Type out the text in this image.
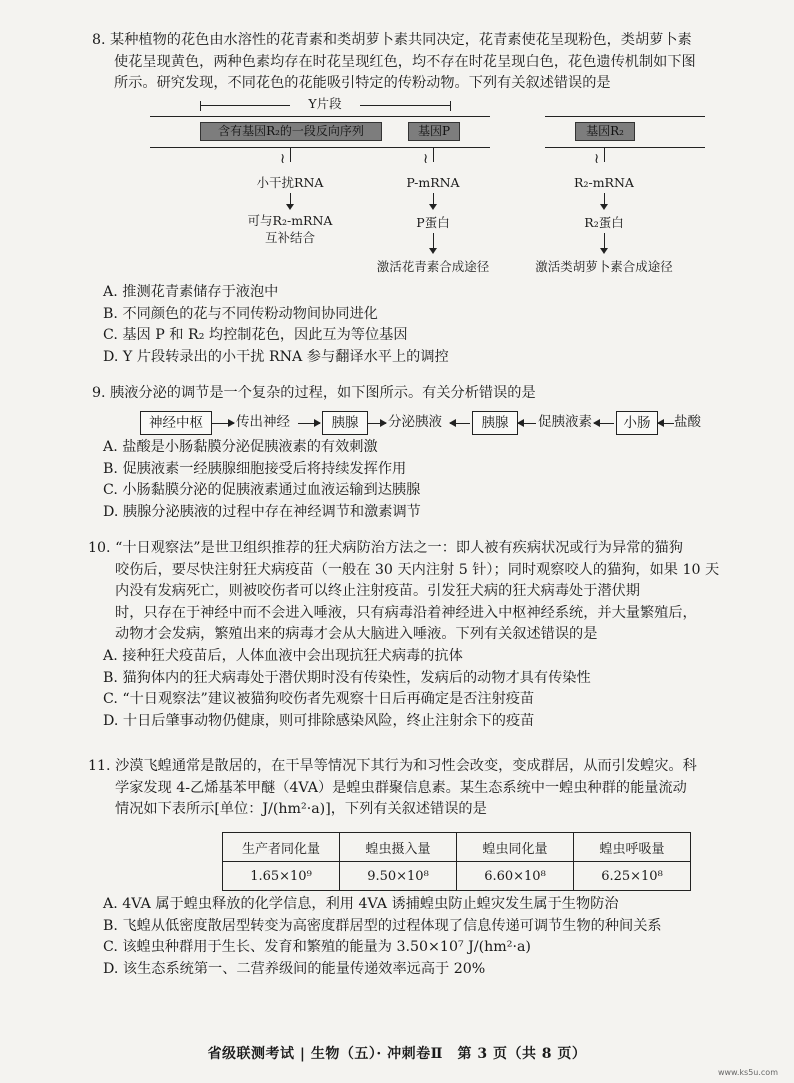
8. 某种植物的花色由水溶性的花青素和类胡萝卜素共同决定，花青素使花呈现粉色，类胡萝卜素

使花呈现黄色，两种色素均存在时花呈现红色，均不存在时花呈现白色，花色遗传机制如下图

所示。研究发现，不同花色的花能吸引特定的传粉动物。下列有关叙述错误的是

Y片段
含有基因R₂的一段反向序列	基因P	基因R₂
≀
小干扰RNA
可与R₂-mRNA
互补结合
≀
P-mRNA
P蛋白
激活花青素合成途径
≀
R₂-mRNA
R₂蛋白
激活类胡萝卜素合成途径

A. 推测花青素储存于液泡中

B. 不同颜色的花与不同传粉动物间协同进化

C. 基因 P 和 R₂ 均控制花色，因此互为等位基因

D. Y 片段转录出的小干扰 RNA 参与翻译水平上的调控

9. 胰液分泌的调节是一个复杂的过程，如下图所示。有关分析错误的是

神经中枢	传出神经	胰腺	分泌胰液	胰腺	促胰液素	小肠	盐酸

A. 盐酸是小肠黏膜分泌促胰液素的有效刺激

B. 促胰液素一经胰腺细胞接受后将持续发挥作用

C. 小肠黏膜分泌的促胰液素通过血液运输到达胰腺

D. 胰腺分泌胰液的过程中存在神经调节和激素调节

10. “十日观察法”是世卫组织推荐的狂犬病防治方法之一：即人被有疾病状况或行为异常的猫狗

咬伤后，要尽快注射狂犬病疫苗（一般在 30 天内注射 5 针）；同时观察咬人的猫狗，如果 10 天

内没有发病死亡，则被咬伤者可以终止注射疫苗。引发狂犬病的狂犬病毒处于潜伏期

时，只存在于神经中而不会进入唾液，只有病毒沿着神经进入中枢神经系统，并大量繁殖后，

动物才会发病，繁殖出来的病毒才会从大脑进入唾液。下列有关叙述错误的是

A. 接种狂犬疫苗后，人体血液中会出现抗狂犬病毒的抗体

B. 猫狗体内的狂犬病毒处于潜伏期时没有传染性，发病后的动物才具有传染性

C. “十日观察法”建议被猫狗咬伤者先观察十日后再确定是否注射疫苗

D. 十日后肇事动物仍健康，则可排除感染风险，终止注射余下的疫苗

11. 沙漠飞蝗通常是散居的，在干旱等情况下其行为和习性会改变，变成群居，从而引发蝗灾。科

学家发现 4-乙烯基苯甲醚（4VA）是蝗虫群聚信息素。某生态系统中一蝗虫种群的能量流动

情况如下表所示[单位：J/(hm²·a)]，下列有关叙述错误的是

生产者同化量	蝗虫摄入量	蝗虫同化量	蝗虫呼吸量
1.65×10⁹	9.50×10⁸	6.60×10⁸	6.25×10⁸

A. 4VA 属于蝗虫释放的化学信息，利用 4VA 诱捕蝗虫防止蝗灾发生属于生物防治

B. 飞蝗从低密度散居型转变为高密度群居型的过程体现了信息传递可调节生物的种间关系

C. 该蝗虫种群用于生长、发育和繁殖的能量为 3.50×10⁷ J/(hm²·a)

D. 该生态系统第一、二营养级间的能量传递效率远高于 20%

省级联测考试 | 生物（五）· 冲刺卷Ⅱ　第 3 页（共 8 页）
www.ks5u.com
